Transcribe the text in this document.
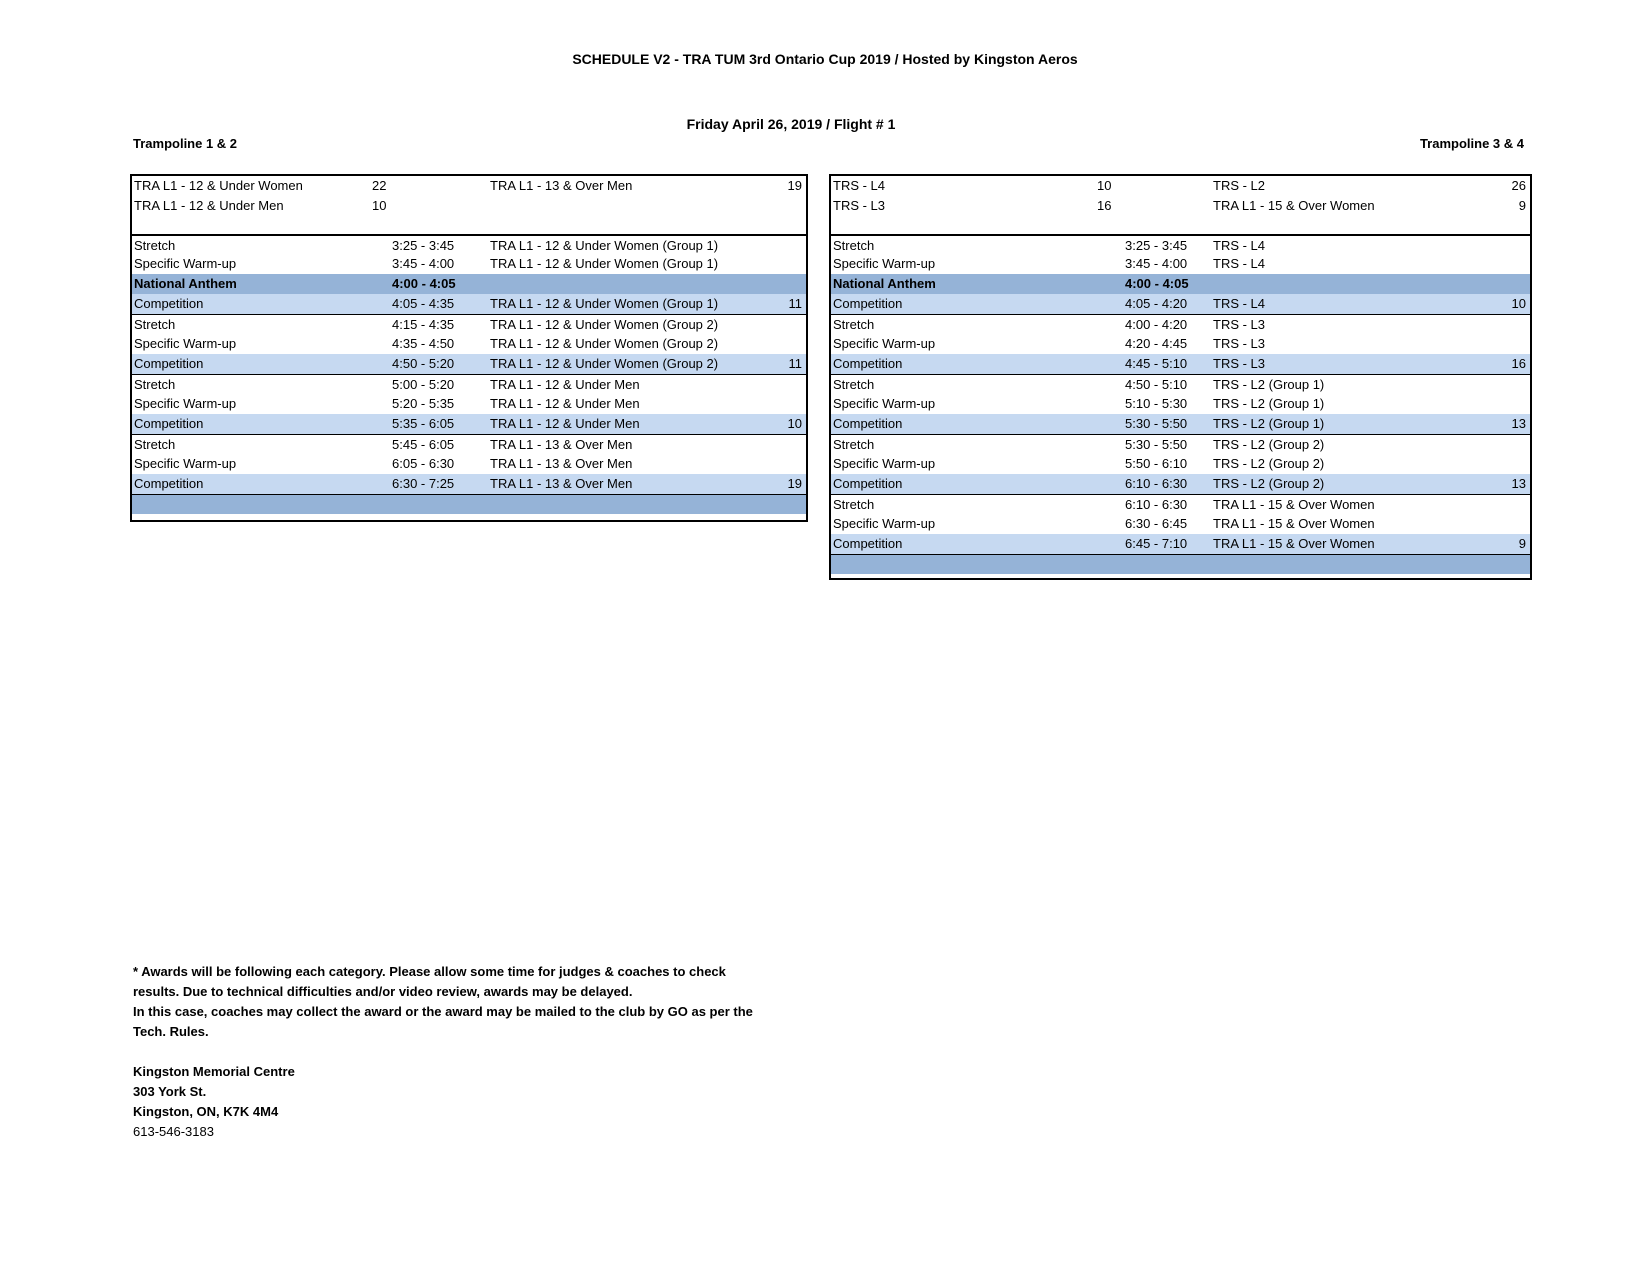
SCHEDULE V2 - TRA TUM 3rd Ontario Cup 2019 / Hosted by Kingston Aeros
Friday April 26, 2019 / Flight # 1
Trampoline 1 & 2	Trampoline 3 & 4
TRA L1 - 12 & Under Women	22	TRA L1 - 13 & Over Men	19
TRA L1 - 12 & Under Men	10
Stretch	3:25 - 3:45	TRA L1 - 12 & Under Women (Group 1)
Specific Warm-up	3:45 - 4:00	TRA L1 - 12 & Under Women (Group 1)
National Anthem	4:00 - 4:05
Competition	4:05 - 4:35	TRA L1 - 12 & Under Women (Group 1)	11
Stretch	4:15 - 4:35	TRA L1 - 12 & Under Women (Group 2)
Specific Warm-up	4:35 - 4:50	TRA L1 - 12 & Under Women (Group 2)
Competition	4:50 - 5:20	TRA L1 - 12 & Under Women (Group 2)	11
Stretch	5:00 - 5:20	TRA L1 - 12 & Under Men
Specific Warm-up	5:20 - 5:35	TRA L1 - 12 & Under Men
Competition	5:35 - 6:05	TRA L1 - 12 & Under Men	10
Stretch	5:45 - 6:05	TRA L1 - 13 & Over Men
Specific Warm-up	6:05 - 6:30	TRA L1 - 13 & Over Men
Competition	6:30 - 7:25	TRA L1 - 13 & Over Men	19
TRS - L4	10	TRS - L2	26
TRS - L3	16	TRA L1 - 15 & Over Women	9
Stretch	3:25 - 3:45 TRS - L4
Specific Warm-up	3:45 - 4:00 TRS - L4
National Anthem	4:00 - 4:05
Competition	4:05 - 4:20 TRS - L4	10
Stretch	4:00 - 4:20 TRS - L3
Specific Warm-up	4:20 - 4:45 TRS - L3
Competition	4:45 - 5:10 TRS - L3	16
Stretch	4:50 - 5:10 TRS - L2 (Group 1)
Specific Warm-up	5:10 - 5:30 TRS - L2 (Group 1)
Competition	5:30 - 5:50 TRS - L2 (Group 1)	13
Stretch	5:30 - 5:50 TRS - L2 (Group 2)
Specific Warm-up	5:50 - 6:10 TRS - L2 (Group 2)
Competition	6:10 - 6:30 TRS - L2 (Group 2)	13
Stretch	6:10 - 6:30 TRA L1 - 15 & Over Women
Specific Warm-up	6:30 - 6:45 TRA L1 - 15 & Over Women
Competition	6:45 - 7:10 TRA L1 - 15 & Over Women	9
* Awards will be following each category. Please allow some time for judges & coaches to check
results. Due to technical difficulties and/or video review, awards may be delayed.
In this case, coaches may collect the award or the award may be mailed to the club by GO as per the
Tech. Rules.
Kingston Memorial Centre
303 York St.
Kingston, ON, K7K 4M4
613-546-3183
